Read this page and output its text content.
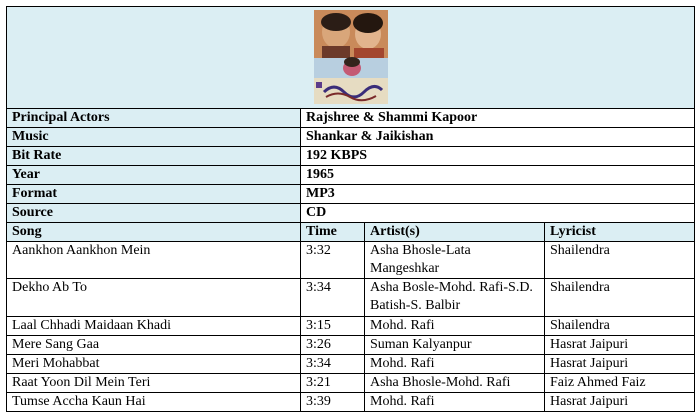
Principal Actors	Rajshree & Shammi Kapoor		
Music	Shankar & Jaikishan		
Bit Rate	192 KBPS		
Year	1965		
Format	MP3		
Source	CD		
Song	Time	Artist(s)	Lyricist
Aankhon Aankhon Mein	3:32	Asha Bhosle-Lata Mangeshkar	Shailendra
Dekho Ab To	3:34	Asha Bosle-Mohd. Rafi-S.D. Batish-S. Balbir	Shailendra
Laal Chhadi Maidaan Khadi	3:15	Mohd. Rafi	Shailendra
Mere Sang Gaa	3:26	Suman Kalyanpur	Hasrat Jaipuri
Meri Mohabbat	3:34	Mohd. Rafi	Hasrat Jaipuri
Raat Yoon Dil Mein Teri	3:21	Asha Bhosle-Mohd. Rafi	Faiz Ahmed Faiz
Tumse Accha Kaun Hai	3:39	Mohd. Rafi	Hasrat Jaipuri
